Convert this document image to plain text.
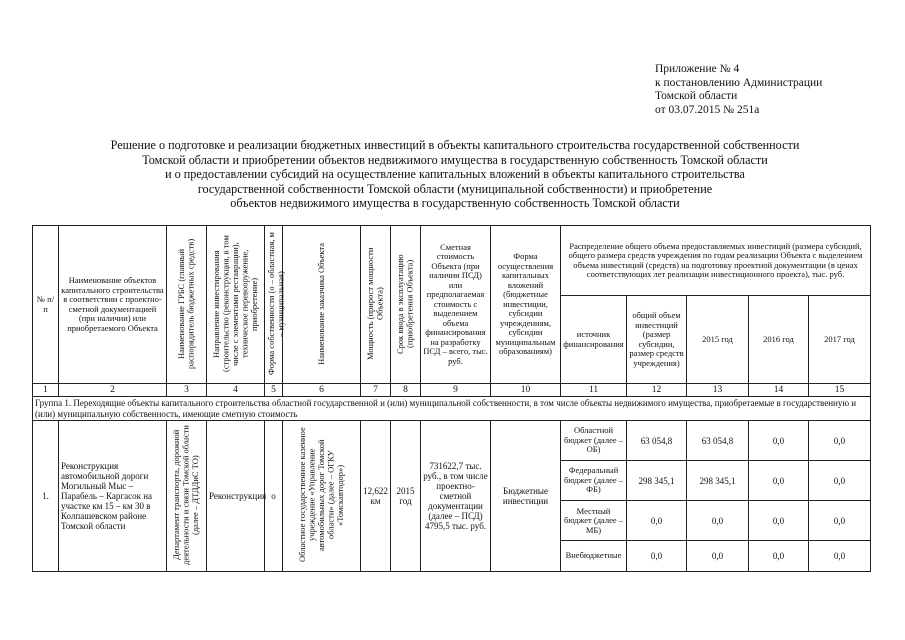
Приложение № 4
к постановлению Администрации
Томской области
от 03.07.2015 № 251а
Решение о подготовке и реализации бюджетных инвестиций в объекты капитального строительства государственной собственности
Томской области и приобретении объектов недвижимого имущества в государственную собственность Томской области
и о предоставлении субсидий на осуществление капитальных вложений в объекты капитального строительства
государственной собственности Томской области (муниципальной собственности) и приобретение
объектов недвижимого имущества в государственную собственность Томской области
№ п/п	Наименование объектов капитального строительства в соответствии с проектно-сметной документацией (при наличии) или приобретаемого Объекта	Наименование ГРБС (главный распорядитель бюджетных средств)	Направление инвестирования (строительство (реконструкция, в том числе с элементами реставрации), техническое перевооружение, приобретение)	Форма собственности (о – областная, м – муниципальная)	Наименование заказчика Объекта	Мощность (прирост мощности Объекта)	Срок ввода в эксплуатацию (приобретения Объекта)	Сметная стоимость Объекта (при наличии ПСД) или предполагаемая стоимость с выделением объема финансирования на разработку ПСД – всего, тыс. руб.	Форма осуществления капитальных вложений (бюджетные инвестиции, субсидии учреждениям, субсидии муниципальным образованиям)	Распределение общего объема предоставляемых инвестиций (размера субсидий, общего размера средств учреждения по годам реализации Объекта с выделением объема инвестиций (средств) на подготовку проектной документации (в ценах соответствующих лет реализации инвестиционного проекта), тыс. руб.				
										источник финансирования	общий объем инвестиций (размер субсидии, размер средств учреждения)	2015 год	2016 год	2017 год
1	2	3	4	5	6	7	8	9	10	11	12	13	14	15
Группа 1. Переходящие объекты капитального строительства областной государственной и (или) муниципальной собственности, в том числе объекты недвижимого имущества, приобретаемые в государственную и (или) муниципальную собственность, имеющие сметную стоимость														
1.	Реконструкция автомобильной дороги Могильный Мыс – Парабель – Каргасок на участке км 15 – км 30 в Колпашевском районе Томской области	Департамент транспорта, дорожной деятельности и связи Томской области (далее – ДТДДиС ТО)	Реконструкция	о	Областное государственное казенное учреждение «Управление автомобильных дорог Томской области» (далее – ОГКУ «Томскавтодор»)	12,622 км	2015 год	731622,7 тыс. руб., в том числе проектно-сметной документации (далее – ПСД) 4795,5 тыс. руб.	Бюджетные инвестиции	Областной бюджет (далее – ОБ)	63 054,8	63 054,8	0,0	0,0
										Федеральный бюджет (далее – ФБ)	298 345,1	298 345,1	0,0	0,0
										Местный бюджет (далее – МБ)	0,0	0,0	0,0	0,0
										Внебюджетные	0,0	0,0	0,0	0,0
